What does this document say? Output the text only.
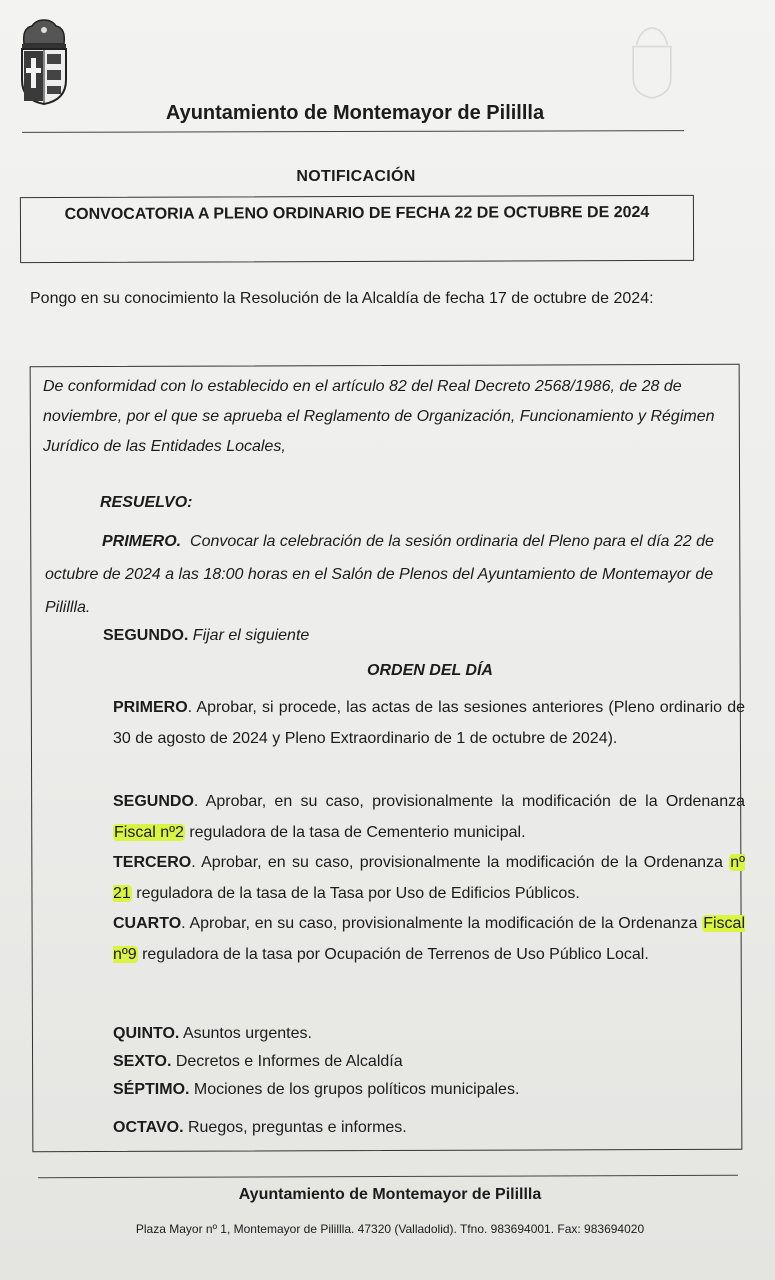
Ayuntamiento de Montemayor de Pilillla
NOTIFICACIÓN
CONVOCATORIA A PLENO ORDINARIO DE FECHA 22 DE OCTUBRE DE 2024
Pongo en su conocimiento la Resolución de la Alcaldía de fecha 17 de octubre de 2024:
De conformidad con lo establecido en el artículo 82 del Real Decreto 2568/1986, de 28 de noviembre, por el que se aprueba el Reglamento de Organización, Funcionamiento y Régimen Jurídico de las Entidades Locales,
RESUELVO:
PRIMERO. Convocar la celebración de la sesión ordinaria del Pleno para el día 22 de octubre de 2024 a las 18:00 horas en el Salón de Plenos del Ayuntamiento de Montemayor de Pilillla.
SEGUNDO. Fijar el siguiente
ORDEN DEL DÍA
PRIMERO. Aprobar, si procede, las actas de las sesiones anteriores (Pleno ordinario de 30 de agosto de 2024 y Pleno Extraordinario de 1 de octubre de 2024).
SEGUNDO. Aprobar, en su caso, provisionalmente la modificación de la Ordenanza Fiscal nº2 reguladora de la tasa de Cementerio municipal.
TERCERO. Aprobar, en su caso, provisionalmente la modificación de la Ordenanza nº 21 reguladora de la tasa de la Tasa por Uso de Edificios Públicos.
CUARTO. Aprobar, en su caso, provisionalmente la modificación de la Ordenanza Fiscal nº9 reguladora de la tasa por Ocupación de Terrenos de Uso Público Local.
QUINTO. Asuntos urgentes.
SEXTO. Decretos e Informes de Alcaldía
SÉPTIMO. Mociones de los grupos políticos municipales.
OCTAVO. Ruegos, preguntas e informes.
Ayuntamiento de Montemayor de Pilillla
Plaza Mayor nº 1, Montemayor de Pilillla. 47320 (Valladolid). Tfno. 983694001. Fax: 983694020
